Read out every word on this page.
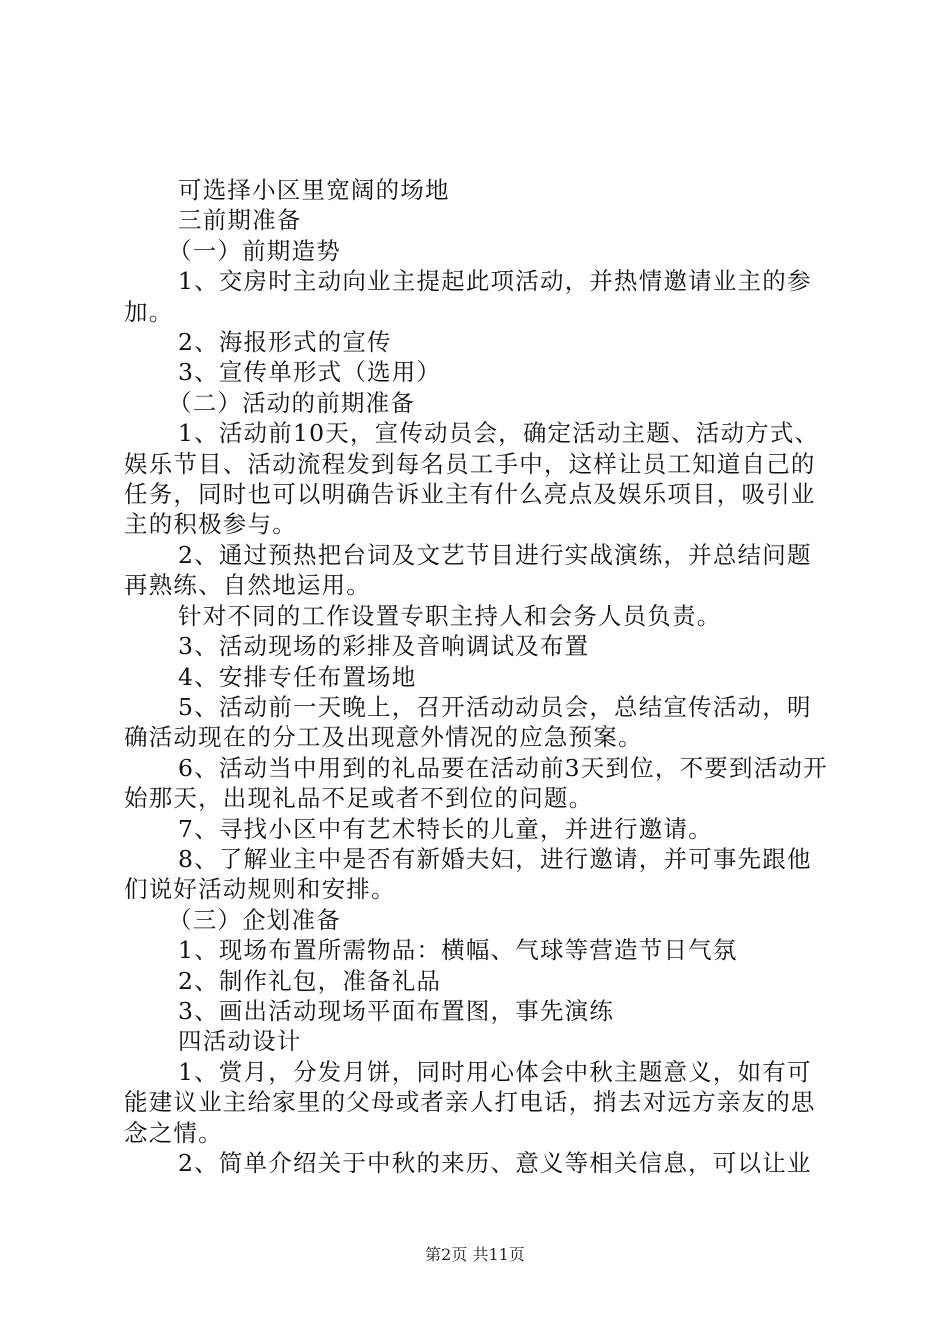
可选择小区里宽阔的场地

三前期准备

（一）前期造势

1、交房时主动向业主提起此项活动，并热情邀请业主的参加。

2、海报形式的宣传

3、宣传单形式（选用）

（二）活动的前期准备

1、活动前10天，宣传动员会，确定活动主题、活动方式、娱乐节目、活动流程发到每名员工手中，这样让员工知道自己的任务，同时也可以明确告诉业主有什么亮点及娱乐项目，吸引业主的积极参与。

2、通过预热把台词及文艺节目进行实战演练，并总结问题再熟练、自然地运用。

针对不同的工作设置专职主持人和会务人员负责。

3、活动现场的彩排及音响调试及布置

4、安排专任布置场地

5、活动前一天晚上，召开活动动员会，总结宣传活动，明确活动现在的分工及出现意外情况的应急预案。

6、活动当中用到的礼品要在活动前3天到位，不要到活动开始那天，出现礼品不足或者不到位的问题。

7、寻找小区中有艺术特长的儿童，并进行邀请。

8、了解业主中是否有新婚夫妇，进行邀请，并可事先跟他们说好活动规则和安排。

（三）企划准备

1、现场布置所需物品：横幅、气球等营造节日气氛

2、制作礼包，准备礼品

3、画出活动现场平面布置图，事先演练

四活动设计

1、赏月，分发月饼，同时用心体会中秋主题意义，如有可能建议业主给家里的父母或者亲人打电话，捎去对远方亲友的思念之情。

2、简单介绍关于中秋的来历、意义等相关信息，可以让业

第2页 共11页
